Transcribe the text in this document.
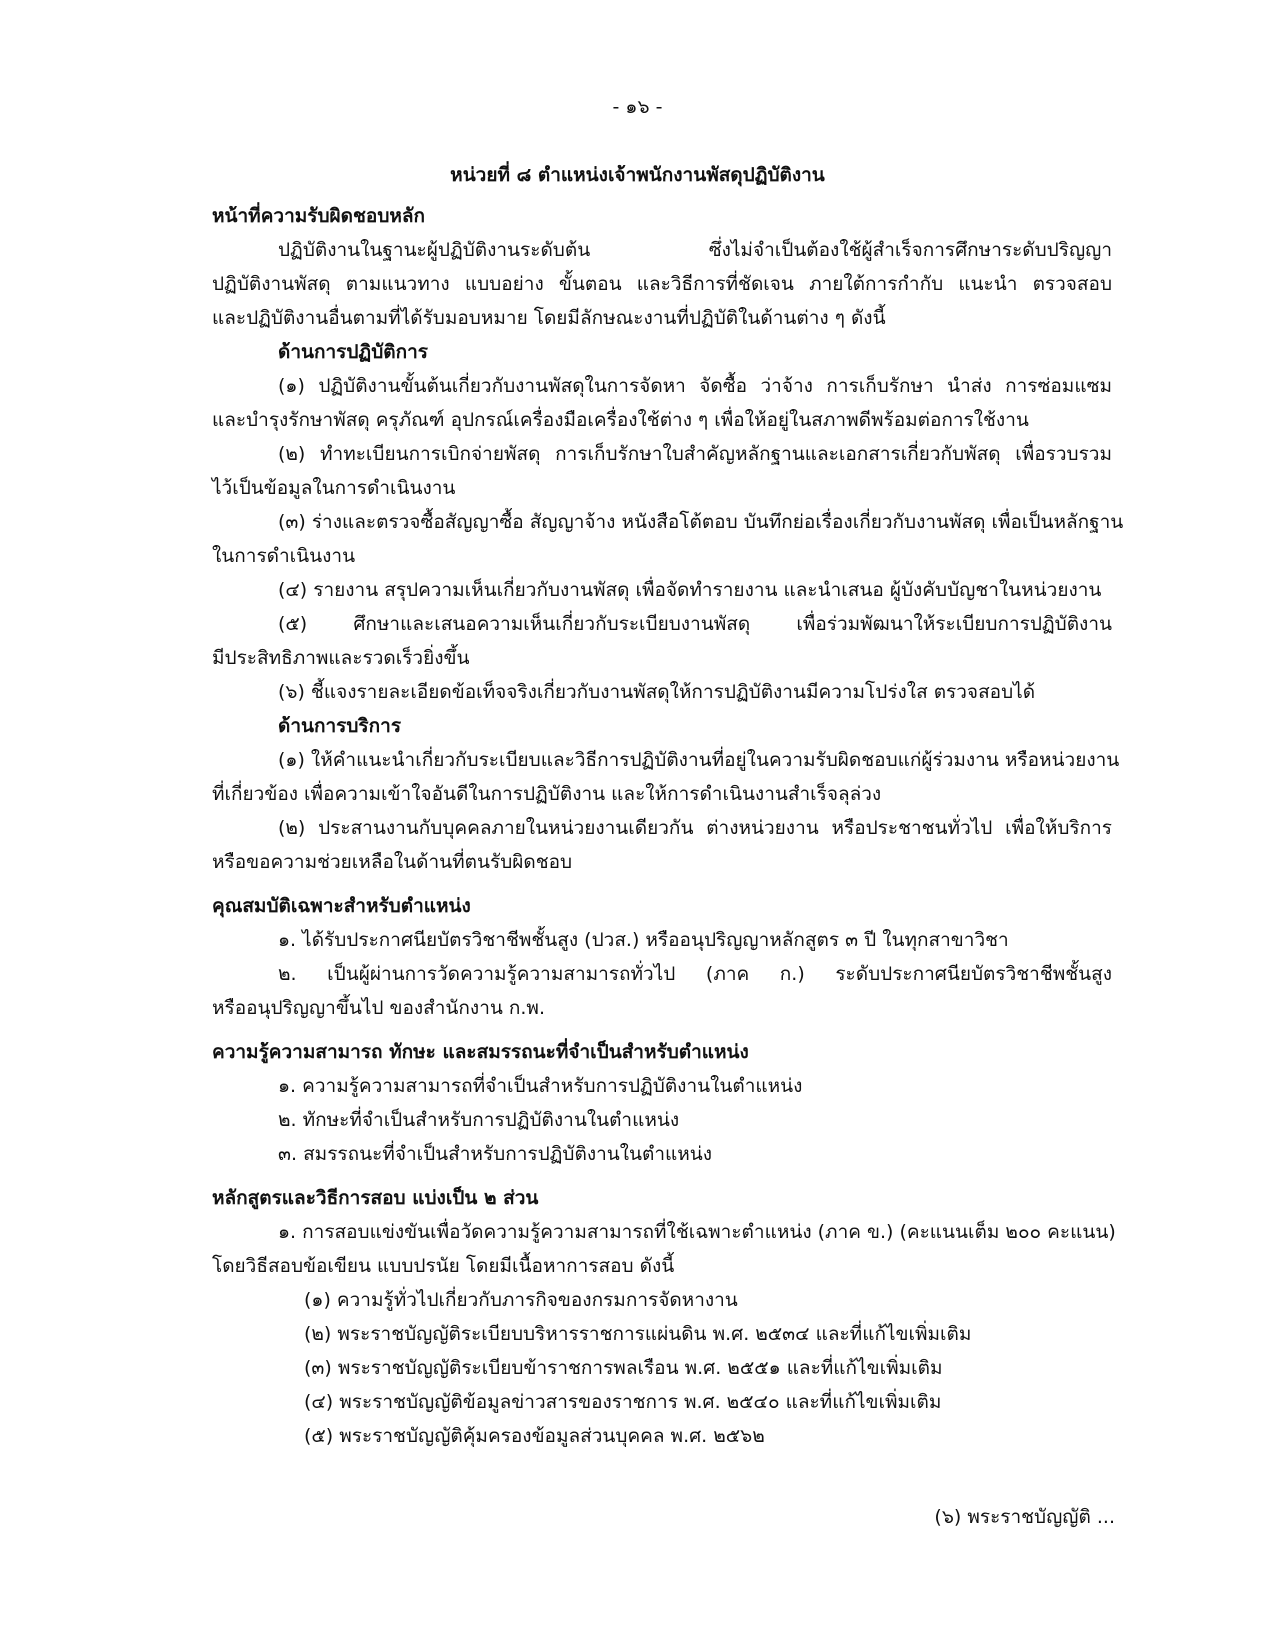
- ๑๖ -
หน่วยที่ ๘ ตำแหน่งเจ้าพนักงานพัสดุปฏิบัติงาน
หน้าที่ความรับผิดชอบหลัก
ปฏิบัติงานในฐานะผู้ปฏิบัติงานระดับต้น ซึ่งไม่จำเป็นต้องใช้ผู้สำเร็จการศึกษาระดับปริญญา
ปฏิบัติงานพัสดุ ตามแนวทาง แบบอย่าง ขั้นตอน และวิธีการที่ชัดเจน ภายใต้การกำกับ แนะนำ ตรวจสอบ
และปฏิบัติงานอื่นตามที่ได้รับมอบหมาย โดยมีลักษณะงานที่ปฏิบัติในด้านต่าง ๆ ดังนี้
ด้านการปฏิบัติการ
(๑) ปฏิบัติงานขั้นต้นเกี่ยวกับงานพัสดุในการจัดหา จัดซื้อ ว่าจ้าง การเก็บรักษา นำส่ง การซ่อมแซม
และบำรุงรักษาพัสดุ ครุภัณฑ์ อุปกรณ์เครื่องมือเครื่องใช้ต่าง ๆ เพื่อให้อยู่ในสภาพดีพร้อมต่อการใช้งาน
(๒) ทำทะเบียนการเบิกจ่ายพัสดุ การเก็บรักษาใบสำคัญหลักฐานและเอกสารเกี่ยวกับพัสดุ เพื่อรวบรวม
ไว้เป็นข้อมูลในการดำเนินงาน
(๓) ร่างและตรวจซื้อสัญญาซื้อ สัญญาจ้าง หนังสือโต้ตอบ บันทึกย่อเรื่องเกี่ยวกับงานพัสดุ เพื่อเป็นหลักฐาน
ในการดำเนินงาน
(๔) รายงาน สรุปความเห็นเกี่ยวกับงานพัสดุ เพื่อจัดทำรายงาน และนำเสนอ ผู้บังคับบัญชาในหน่วยงาน
(๕) ศึกษาและเสนอความเห็นเกี่ยวกับระเบียบงานพัสดุ เพื่อร่วมพัฒนาให้ระเบียบการปฏิบัติงาน
มีประสิทธิภาพและรวดเร็วยิ่งขึ้น
(๖) ชี้แจงรายละเอียดข้อเท็จจริงเกี่ยวกับงานพัสดุให้การปฏิบัติงานมีความโปร่งใส ตรวจสอบได้
ด้านการบริการ
(๑) ให้คำแนะนำเกี่ยวกับระเบียบและวิธีการปฏิบัติงานที่อยู่ในความรับผิดชอบแก่ผู้ร่วมงาน หรือหน่วยงาน
ที่เกี่ยวข้อง เพื่อความเข้าใจอันดีในการปฏิบัติงาน และให้การดำเนินงานสำเร็จลุล่วง
(๒) ประสานงานกับบุคคลภายในหน่วยงานเดียวกัน ต่างหน่วยงาน หรือประชาชนทั่วไป เพื่อให้บริการ
หรือขอความช่วยเหลือในด้านที่ตนรับผิดชอบ
คุณสมบัติเฉพาะสำหรับตำแหน่ง
๑. ได้รับประกาศนียบัตรวิชาชีพชั้นสูง (ปวส.) หรืออนุปริญญาหลักสูตร ๓ ปี ในทุกสาขาวิชา
๒. เป็นผู้ผ่านการวัดความรู้ความสามารถทั่วไป (ภาค ก.) ระดับประกาศนียบัตรวิชาชีพชั้นสูง
หรืออนุปริญญาขึ้นไป ของสำนักงาน ก.พ.
ความรู้ความสามารถ ทักษะ และสมรรถนะที่จำเป็นสำหรับตำแหน่ง
๑. ความรู้ความสามารถที่จำเป็นสำหรับการปฏิบัติงานในตำแหน่ง
๒. ทักษะที่จำเป็นสำหรับการปฏิบัติงานในตำแหน่ง
๓. สมรรถนะที่จำเป็นสำหรับการปฏิบัติงานในตำแหน่ง
หลักสูตรและวิธีการสอบ แบ่งเป็น ๒ ส่วน
๑. การสอบแข่งขันเพื่อวัดความรู้ความสามารถที่ใช้เฉพาะตำแหน่ง (ภาค ข.) (คะแนนเต็ม ๒๐๐ คะแนน)
โดยวิธีสอบข้อเขียน แบบปรนัย โดยมีเนื้อหาการสอบ ดังนี้
(๑) ความรู้ทั่วไปเกี่ยวกับภารกิจของกรมการจัดหางาน
(๒) พระราชบัญญัติระเบียบบริหารราชการแผ่นดิน พ.ศ. ๒๕๓๔ และที่แก้ไขเพิ่มเติม
(๓) พระราชบัญญัติระเบียบข้าราชการพลเรือน พ.ศ. ๒๕๕๑ และที่แก้ไขเพิ่มเติม
(๔) พระราชบัญญัติข้อมูลข่าวสารของราชการ พ.ศ. ๒๕๔๐ และที่แก้ไขเพิ่มเติม
(๕) พระราชบัญญัติคุ้มครองข้อมูลส่วนบุคคล พ.ศ. ๒๕๖๒
(๖) พระราชบัญญัติ ...
